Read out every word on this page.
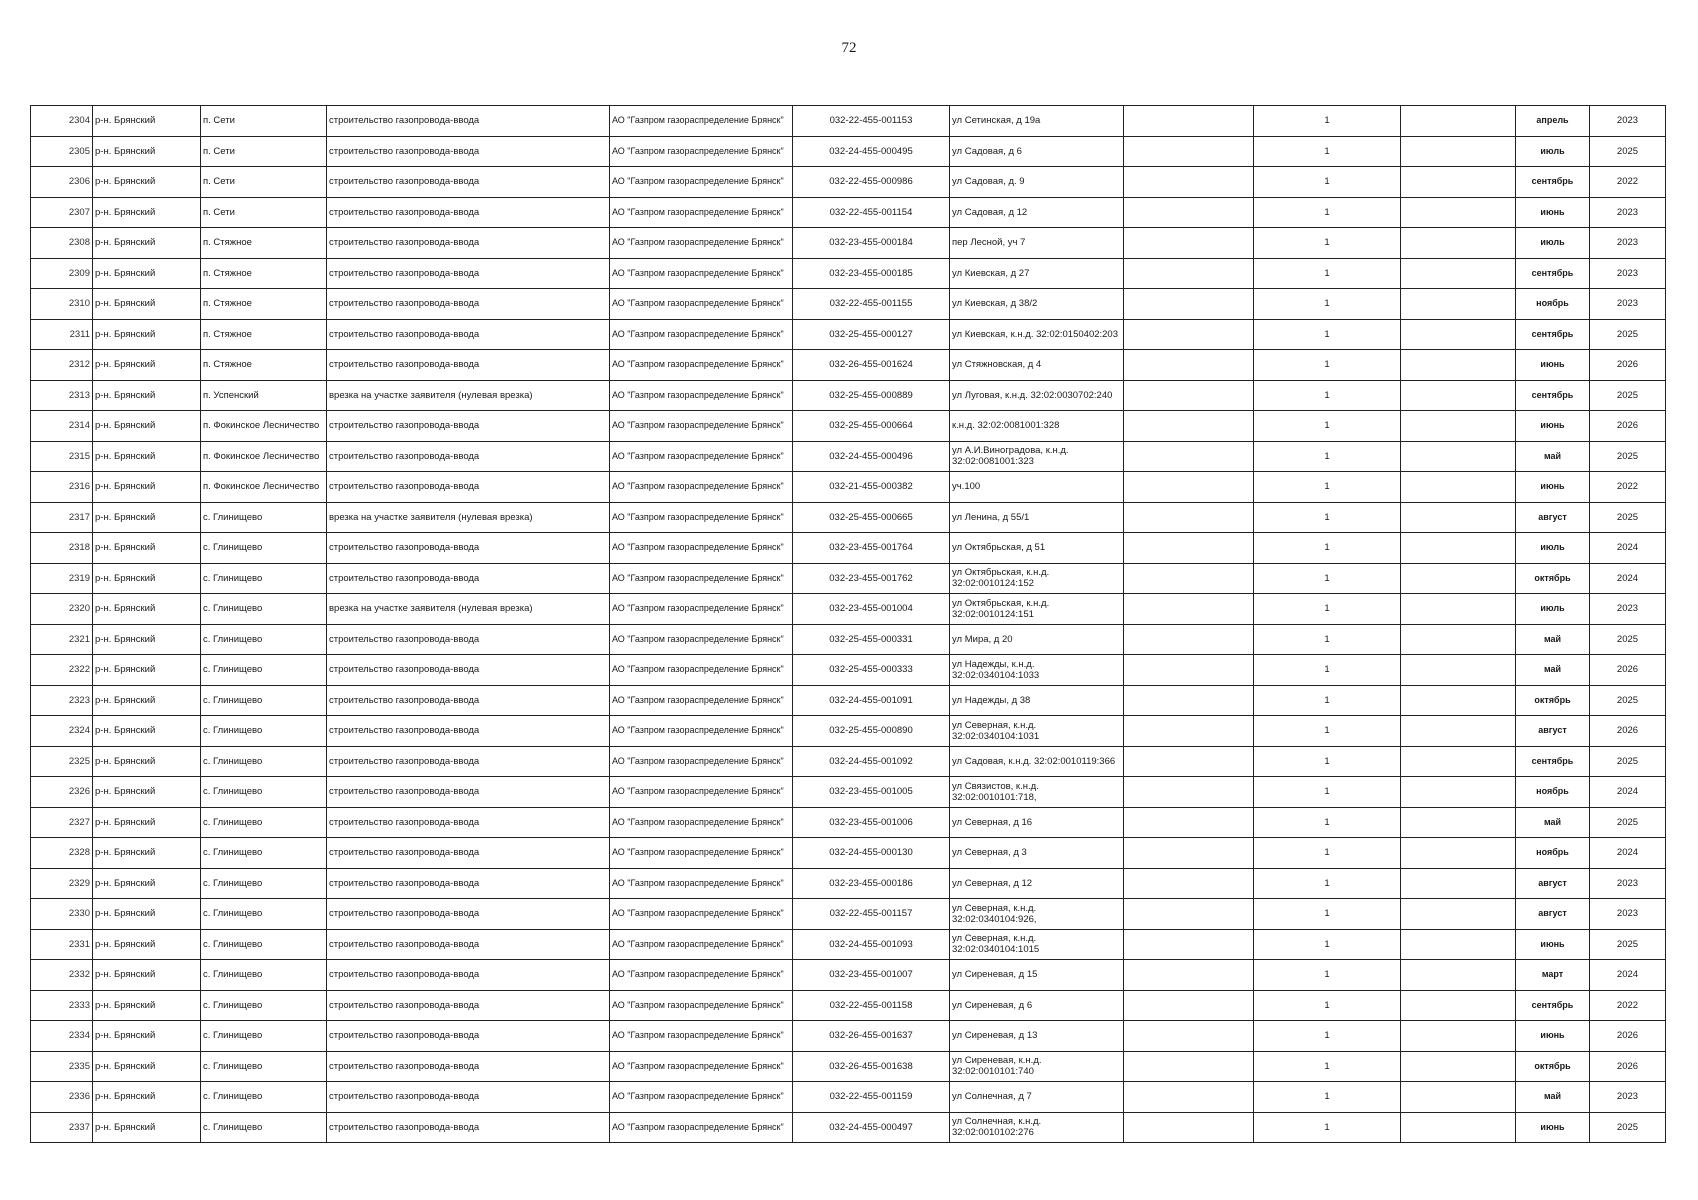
72
2304	р-н. Брянский	п. Сети	строительство газопровода-ввода	АО "Газпром газораспределение Брянск"	032-22-455-001153	ул Сетинская, д 19а		1		апрель	2023
2305	р-н. Брянский	п. Сети	строительство газопровода-ввода	АО "Газпром газораспределение Брянск"	032-24-455-000495	ул Садовая, д 6		1		июль	2025
2306	р-н. Брянский	п. Сети	строительство газопровода-ввода	АО "Газпром газораспределение Брянск"	032-22-455-000986	ул Садовая, д. 9		1		сентябрь	2022
2307	р-н. Брянский	п. Сети	строительство газопровода-ввода	АО "Газпром газораспределение Брянск"	032-22-455-001154	ул Садовая, д 12		1		июнь	2023
2308	р-н. Брянский	п. Стяжное	строительство газопровода-ввода	АО "Газпром газораспределение Брянск"	032-23-455-000184	пер Лесной, уч 7		1		июль	2023
2309	р-н. Брянский	п. Стяжное	строительство газопровода-ввода	АО "Газпром газораспределение Брянск"	032-23-455-000185	ул Киевская, д 27		1		сентябрь	2023
2310	р-н. Брянский	п. Стяжное	строительство газопровода-ввода	АО "Газпром газораспределение Брянск"	032-22-455-001155	ул Киевская, д 38/2		1		ноябрь	2023
2311	р-н. Брянский	п. Стяжное	строительство газопровода-ввода	АО "Газпром газораспределение Брянск"	032-25-455-000127	ул Киевская, к.н.д. 32:02:0150402:203		1		сентябрь	2025
2312	р-н. Брянский	п. Стяжное	строительство газопровода-ввода	АО "Газпром газораспределение Брянск"	032-26-455-001624	ул Стяжновская, д 4		1		июнь	2026
2313	р-н. Брянский	п. Успенский	врезка на участке заявителя (нулевая врезка)	АО "Газпром газораспределение Брянск"	032-25-455-000889	ул Луговая, к.н.д. 32:02:0030702:240		1		сентябрь	2025
2314	р-н. Брянский	п. Фокинское Лесничество	строительство газопровода-ввода	АО "Газпром газораспределение Брянск"	032-25-455-000664	к.н.д. 32:02:0081001:328		1		июнь	2026
2315	р-н. Брянский	п. Фокинское Лесничество	строительство газопровода-ввода	АО "Газпром газораспределение Брянск"	032-24-455-000496	ул А.И.Виноградова, к.н.д. 32:02:0081001:323		1		май	2025
2316	р-н. Брянский	п. Фокинское Лесничество	строительство газопровода-ввода	АО "Газпром газораспределение Брянск"	032-21-455-000382	уч.100		1		июнь	2022
2317	р-н. Брянский	с. Глинищево	врезка на участке заявителя (нулевая врезка)	АО "Газпром газораспределение Брянск"	032-25-455-000665	ул Ленина, д 55/1		1		август	2025
2318	р-н. Брянский	с. Глинищево	строительство газопровода-ввода	АО "Газпром газораспределение Брянск"	032-23-455-001764	ул Октябрьская, д 51		1		июль	2024
2319	р-н. Брянский	с. Глинищево	строительство газопровода-ввода	АО "Газпром газораспределение Брянск"	032-23-455-001762	ул Октябрьская, к.н.д. 32:02:0010124:152		1		октябрь	2024
2320	р-н. Брянский	с. Глинищево	врезка на участке заявителя (нулевая врезка)	АО "Газпром газораспределение Брянск"	032-23-455-001004	ул Октябрьская, к.н.д. 32:02:0010124:151		1		июль	2023
2321	р-н. Брянский	с. Глинищево	строительство газопровода-ввода	АО "Газпром газораспределение Брянск"	032-25-455-000331	ул Мира, д 20		1		май	2025
2322	р-н. Брянский	с. Глинищево	строительство газопровода-ввода	АО "Газпром газораспределение Брянск"	032-25-455-000333	ул Надежды, к.н.д. 32:02:0340104:1033		1		май	2026
2323	р-н. Брянский	с. Глинищево	строительство газопровода-ввода	АО "Газпром газораспределение Брянск"	032-24-455-001091	ул Надежды, д 38		1		октябрь	2025
2324	р-н. Брянский	с. Глинищево	строительство газопровода-ввода	АО "Газпром газораспределение Брянск"	032-25-455-000890	ул Северная, к.н.д. 32:02:0340104:1031		1		август	2026
2325	р-н. Брянский	с. Глинищево	строительство газопровода-ввода	АО "Газпром газораспределение Брянск"	032-24-455-001092	ул Садовая, к.н.д. 32:02:0010119:366		1		сентябрь	2025
2326	р-н. Брянский	с. Глинищево	строительство газопровода-ввода	АО "Газпром газораспределение Брянск"	032-23-455-001005	ул Связистов, к.н.д. 32:02:0010101:718,		1		ноябрь	2024
2327	р-н. Брянский	с. Глинищево	строительство газопровода-ввода	АО "Газпром газораспределение Брянск"	032-23-455-001006	ул Северная, д 16		1		май	2025
2328	р-н. Брянский	с. Глинищево	строительство газопровода-ввода	АО "Газпром газораспределение Брянск"	032-24-455-000130	ул Северная, д 3		1		ноябрь	2024
2329	р-н. Брянский	с. Глинищево	строительство газопровода-ввода	АО "Газпром газораспределение Брянск"	032-23-455-000186	ул Северная, д 12		1		август	2023
2330	р-н. Брянский	с. Глинищево	строительство газопровода-ввода	АО "Газпром газораспределение Брянск"	032-22-455-001157	ул Северная, к.н.д. 32:02:0340104:926,		1		август	2023
2331	р-н. Брянский	с. Глинищево	строительство газопровода-ввода	АО "Газпром газораспределение Брянск"	032-24-455-001093	ул Северная, к.н.д. 32:02:0340104:1015		1		июнь	2025
2332	р-н. Брянский	с. Глинищево	строительство газопровода-ввода	АО "Газпром газораспределение Брянск"	032-23-455-001007	ул Сиреневая, д 15		1		март	2024
2333	р-н. Брянский	с. Глинищево	строительство газопровода-ввода	АО "Газпром газораспределение Брянск"	032-22-455-001158	ул Сиреневая, д 6		1		сентябрь	2022
2334	р-н. Брянский	с. Глинищево	строительство газопровода-ввода	АО "Газпром газораспределение Брянск"	032-26-455-001637	ул Сиреневая, д 13		1		июнь	2026
2335	р-н. Брянский	с. Глинищево	строительство газопровода-ввода	АО "Газпром газораспределение Брянск"	032-26-455-001638	ул Сиреневая, к.н.д. 32:02:0010101:740		1		октябрь	2026
2336	р-н. Брянский	с. Глинищево	строительство газопровода-ввода	АО "Газпром газораспределение Брянск"	032-22-455-001159	ул Солнечная, д 7		1		май	2023
2337	р-н. Брянский	с. Глинищево	строительство газопровода-ввода	АО "Газпром газораспределение Брянск"	032-24-455-000497	ул Солнечная, к.н.д. 32:02:0010102:276		1		июнь	2025
